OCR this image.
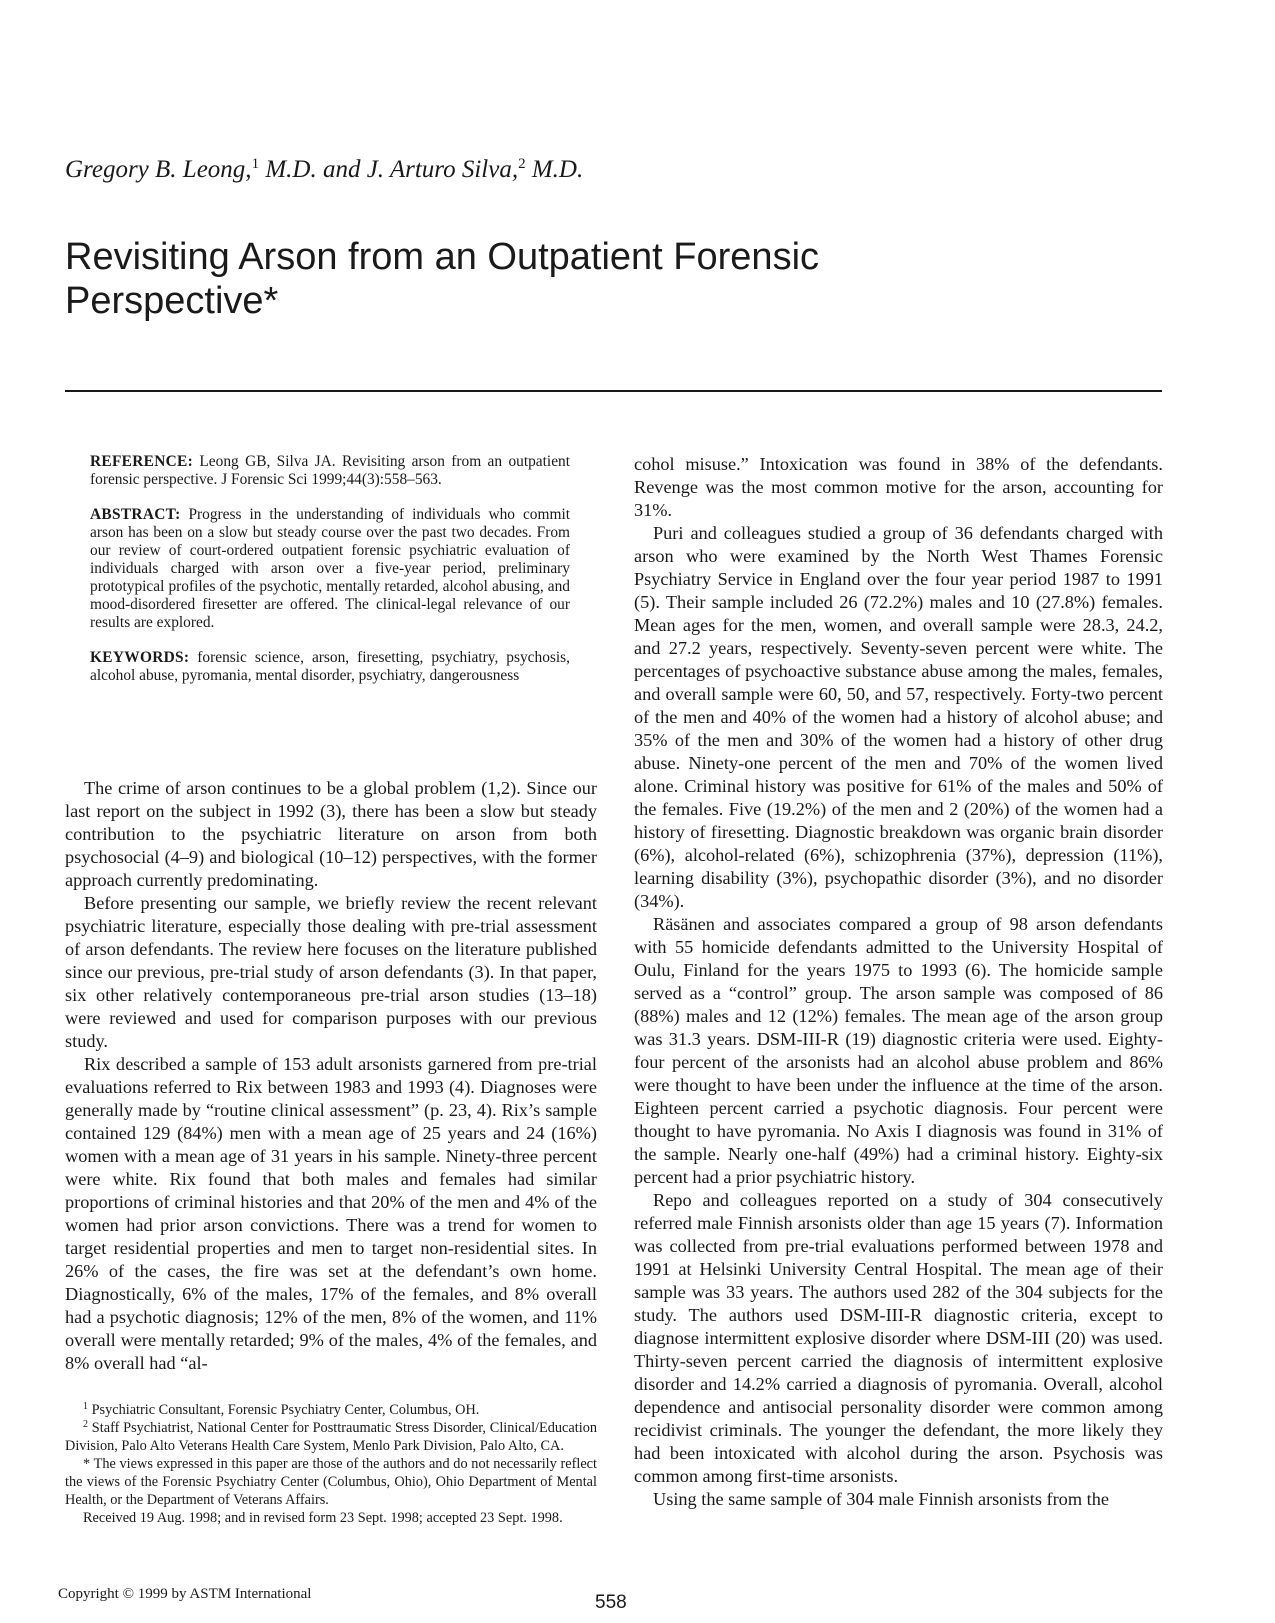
Gregory B. Leong,$^1$ M.D. and J. Arturo Silva,$^2$ M.D.
Revisiting Arson from an Outpatient Forensic Perspective*

REFERENCE: Leong GB, Silva JA. Revisiting arson from an outpatient forensic perspective. J Forensic Sci 1999;44(3):558–563.

ABSTRACT: Progress in the understanding of individuals who commit arson has been on a slow but steady course over the past two decades. From our review of court-ordered outpatient forensic psychiatric evaluation of individuals charged with arson over a five-year period, preliminary prototypical profiles of the psychotic, mentally retarded, alcohol abusing, and mood-disordered firesetter are offered. The clinical-legal relevance of our results are explored.

KEYWORDS: forensic science, arson, firesetting, psychiatry, psychosis, alcohol abuse, pyromania, mental disorder, psychiatry, dangerousness

The crime of arson continues to be a global problem (1,2). Since our last report on the subject in 1992 (3), there has been a slow but steady contribution to the psychiatric literature on arson from both psychosocial (4–9) and biological (10–12) perspectives, with the former approach currently predominating.

Before presenting our sample, we briefly review the recent relevant psychiatric literature, especially those dealing with pre-trial assessment of arson defendants. The review here focuses on the literature published since our previous, pre-trial study of arson defendants (3). In that paper, six other relatively contemporaneous pre-trial arson studies (13–18) were reviewed and used for comparison purposes with our previous study.

Rix described a sample of 153 adult arsonists garnered from pre-trial evaluations referred to Rix between 1983 and 1993 (4). Diagnoses were generally made by “routine clinical assessment” (p. 23, 4). Rix’s sample contained 129 (84%) men with a mean age of 25 years and 24 (16%) women with a mean age of 31 years in his sample. Ninety-three percent were white. Rix found that both males and females had similar proportions of criminal histories and that 20% of the men and 4% of the women had prior arson convictions. There was a trend for women to target residential properties and men to target non-residential sites. In 26% of the cases, the fire was set at the defendant’s own home. Diagnostically, 6% of the males, 17% of the females, and 8% overall had a psychotic diagnosis; 12% of the men, 8% of the women, and 11% overall were mentally retarded; 9% of the males, 4% of the females, and 8% overall had “al-

cohol misuse.” Intoxication was found in 38% of the defendants. Revenge was the most common motive for the arson, accounting for 31%.

Puri and colleagues studied a group of 36 defendants charged with arson who were examined by the North West Thames Forensic Psychiatry Service in England over the four year period 1987 to 1991 (5). Their sample included 26 (72.2%) males and 10 (27.8%) females. Mean ages for the men, women, and overall sample were 28.3, 24.2, and 27.2 years, respectively. Seventy-seven percent were white. The percentages of psychoactive substance abuse among the males, females, and overall sample were 60, 50, and 57, respectively. Forty-two percent of the men and 40% of the women had a history of alcohol abuse; and 35% of the men and 30% of the women had a history of other drug abuse. Ninety-one percent of the men and 70% of the women lived alone. Criminal history was positive for 61% of the males and 50% of the females. Five (19.2%) of the men and 2 (20%) of the women had a history of firesetting. Diagnostic breakdown was organic brain disorder (6%), alcohol-related (6%), schizophrenia (37%), depression (11%), learning disability (3%), psychopathic disorder (3%), and no disorder (34%).

Räsänen and associates compared a group of 98 arson defendants with 55 homicide defendants admitted to the University Hospital of Oulu, Finland for the years 1975 to 1993 (6). The homicide sample served as a “control” group. The arson sample was composed of 86 (88%) males and 12 (12%) females. The mean age of the arson group was 31.3 years. DSM-III-R (19) diagnostic criteria were used. Eighty-four percent of the arsonists had an alcohol abuse problem and 86% were thought to have been under the influence at the time of the arson. Eighteen percent carried a psychotic diagnosis. Four percent were thought to have pyromania. No Axis I diagnosis was found in 31% of the sample. Nearly one-half (49%) had a criminal history. Eighty-six percent had a prior psychiatric history.

Repo and colleagues reported on a study of 304 consecutively referred male Finnish arsonists older than age 15 years (7). Information was collected from pre-trial evaluations performed between 1978 and 1991 at Helsinki University Central Hospital. The mean age of their sample was 33 years. The authors used 282 of the 304 subjects for the study. The authors used DSM-III-R diagnostic criteria, except to diagnose intermittent explosive disorder where DSM-III (20) was used. Thirty-seven percent carried the diagnosis of intermittent explosive disorder and 14.2% carried a diagnosis of pyromania. Overall, alcohol dependence and antisocial personality disorder were common among recidivist criminals. The younger the defendant, the more likely they had been intoxicated with alcohol during the arson. Psychosis was common among first-time arsonists.

Using the same sample of 304 male Finnish arsonists from the

$^1$ Psychiatric Consultant, Forensic Psychiatry Center, Columbus, OH.

$^2$ Staff Psychiatrist, National Center for Posttraumatic Stress Disorder, Clinical/Education Division, Palo Alto Veterans Health Care System, Menlo Park Division, Palo Alto, CA.

* The views expressed in this paper are those of the authors and do not necessarily reflect the views of the Forensic Psychiatry Center (Columbus, Ohio), Ohio Department of Mental Health, or the Department of Veterans Affairs.

Received 19 Aug. 1998; and in revised form 23 Sept. 1998; accepted 23 Sept. 1998.

Copyright © 1999 by ASTM International	558
